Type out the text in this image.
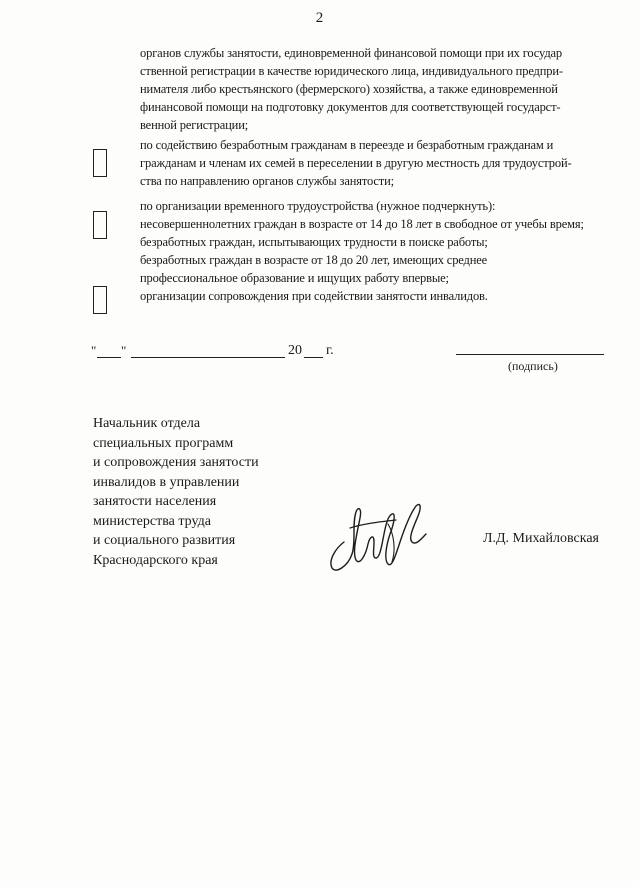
2
органов службы занятости, единовременной финансовой помощи при их государ
ственной регистрации в качестве юридического лица, индивидуального предпри-
нимателя либо крестьянского (фермерского) хозяйства, а также единовременной
финансовой помощи на подготовку документов для соответствующей государст-
венной регистрации;
по содействию безработным гражданам в переезде и безработным гражданам и
гражданам и членам их семей в переселении в другую местность для трудоустрой-
ства по направлению органов службы занятости;
по организации временного трудоустройства (нужное подчеркнуть):
несовершеннолетних граждан в возрасте от 14 до 18 лет в свободное от учебы время;
безработных граждан, испытывающих трудности в поиске работы;
безработных граждан в возрасте от 18 до 20 лет, имеющих среднее
профессиональное образование и ищущих работу впервые;
организации сопровождения при содействии занятости инвалидов.
" "	20 г.
(подпись)
Начальник отдела
специальных программ
и сопровождения занятости
инвалидов в управлении
занятости населения
министерства труда
и социального развития
Краснодарского края
Л.Д. Михайловская
